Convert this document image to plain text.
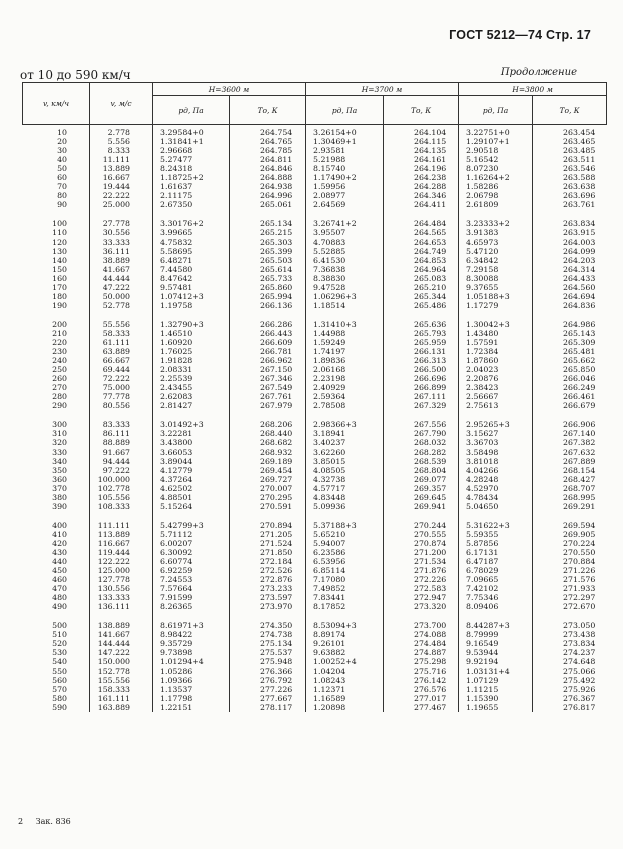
ГОСТ 5212—74 Стр. 17
от 10 до 590 км/ч	Продолжение
v, км/ч	v, м/с	H=3600 м		H=3700 м		H=3800 м	
		pд, Па	Tо, К	pд, Па	Tо, К	pд, Па	Tо, К
10	2.778	3.29584+0	264.754	3.26154+0	264.104	3.22751+0	263.454
20	5.556	1.31841+1	264.765	1.30469+1	264.115	1.29107+1	263.465
30	8.333	2.96668	264.785	2.93581	264.135	2.90518	263.485
40	11.111	5.27477	264.811	5.21988	264.161	5.16542	263.511
50	13.889	8.24318	264.846	8.15740	264.196	8.07230	263.546
60	16.667	1.18725+2	264.888	1.17490+2	264.238	1.16264+2	263.588
70	19.444	1.61637	264.938	1.59956	264.288	1.58286	263.638
80	22.222	2.11175	264.996	2.08977	264.346	2.06798	263.696
90	25.000	2.67350	265.061	2.64569	264.411	2.61809	263.761

100	27.778	3.30176+2	265.134	3.26741+2	264.484	3.23333+2	263.834
110	30.556	3.99665	265.215	3.95507	264.565	3.91383	263.915
120	33.333	4.75832	265.303	4.70883	264.653	4.65973	264.003
130	36.111	5.58695	265.399	5.52885	264.749	5.47120	264.099
140	38.889	6.48271	265.503	6.41530	264.853	6.34842	264.203
150	41.667	7.44580	265.614	7.36838	264.964	7.29158	264.314
160	44.444	8.47642	265.733	8.38830	265.083	8.30088	264.433
170	47.222	9.57481	265.860	9.47528	265.210	9.37655	264.560
180	50.000	1.07412+3	265.994	1.06296+3	265.344	1.05188+3	264.694
190	52.778	1.19758	266.136	1.18514	265.486	1.17279	264.836

200	55.556	1.32790+3	266.286	1.31410+3	265.636	1.30042+3	264.986
210	58.333	1.46510	266.443	1.44988	265.793	1.43480	265.143
220	61.111	1.60920	266.609	1.59249	265.959	1.57591	265.309
230	63.889	1.76025	266.781	1.74197	266.131	1.72384	265.481
240	66.667	1.91828	266.962	1.89836	266.313	1.87860	265.662
250	69.444	2.08331	267.150	2.06168	266.500	2.04023	265.850
260	72.222	2.25539	267.346	2.23198	266.696	2.20876	266.046
270	75.000	2.43455	267.549	2.40929	266.899	2.38423	266.249
280	77.778	2.62083	267.761	2.59364	267.111	2.56667	266.461
290	80.556	2.81427	267.979	2.78508	267.329	2.75613	266.679

300	83.333	3.01492+3	268.206	2.98366+3	267.556	2.95265+3	266.906
310	86.111	3.22281	268.440	3.18941	267.790	3.15627	267.140
320	88.889	3.43800	268.682	3.40237	268.032	3.36703	267.382
330	91.667	3.66053	268.932	3.62260	268.282	3.58498	267.632
340	94.444	3.89044	269.189	3.85015	268.539	3.81018	267.889
350	97.222	4.12779	269.454	4.08505	268.804	4.04266	268.154
360	100.000	4.37264	269.727	4.32738	269.077	4.28248	268.427
370	102.778	4.62502	270.007	4.57717	269.357	4.52970	268.707
380	105.556	4.88501	270.295	4.83448	269.645	4.78434	268.995
390	108.333	5.15264	270.591	5.09936	269.941	5.04650	269.291

400	111.111	5.42799+3	270.894	5.37188+3	270.244	5.31622+3	269.594
410	113.889	5.71112	271.205	5.65210	270.555	5.59355	269.905
420	116.667	6.00207	271.524	5.94007	270.874	5.87856	270.224
430	119.444	6.30092	271.850	6.23586	271.200	6.17131	270.550
440	122.222	6.60774	272.184	6.53956	271.534	6.47187	270.884
450	125.000	6.92259	272.526	6.85114	271.876	6.78029	271.226
460	127.778	7.24553	272.876	7.17080	272.226	7.09665	271.576
470	130.556	7.57664	273.233	7.49852	272.583	7.42102	271.933
480	133.333	7.91599	273.597	7.83441	272.947	7.75346	272.297
490	136.111	8.26365	273.970	8.17852	273.320	8.09406	272.670

500	138.889	8.61971+3	274.350	8.53094+3	273.700	8.44287+3	273.050
510	141.667	8.98422	274.738	8.89174	274.088	8.79999	273.438
520	144.444	9.35729	275.134	9.26101	274.484	9.16549	273.834
530	147.222	9.73898	275.537	9.63882	274.887	9.53944	274.237
540	150.000	1.01294+4	275.948	1.00252+4	275.298	9.92194	274.648
550	152.778	1.05286	276.366	1.04204	275.716	1.03131+4	275.066
560	155.556	1.09366	276.792	1.08243	276.142	1.07129	275.492
570	158.333	1.13537	277.226	1.12371	276.576	1.11215	275.926
580	161.111	1.17798	277.667	1.16589	277.017	1.15390	276.367
590	163.889	1.22151	278.117	1.20898	277.467	1.19655	276.817
2 Зак. 836
